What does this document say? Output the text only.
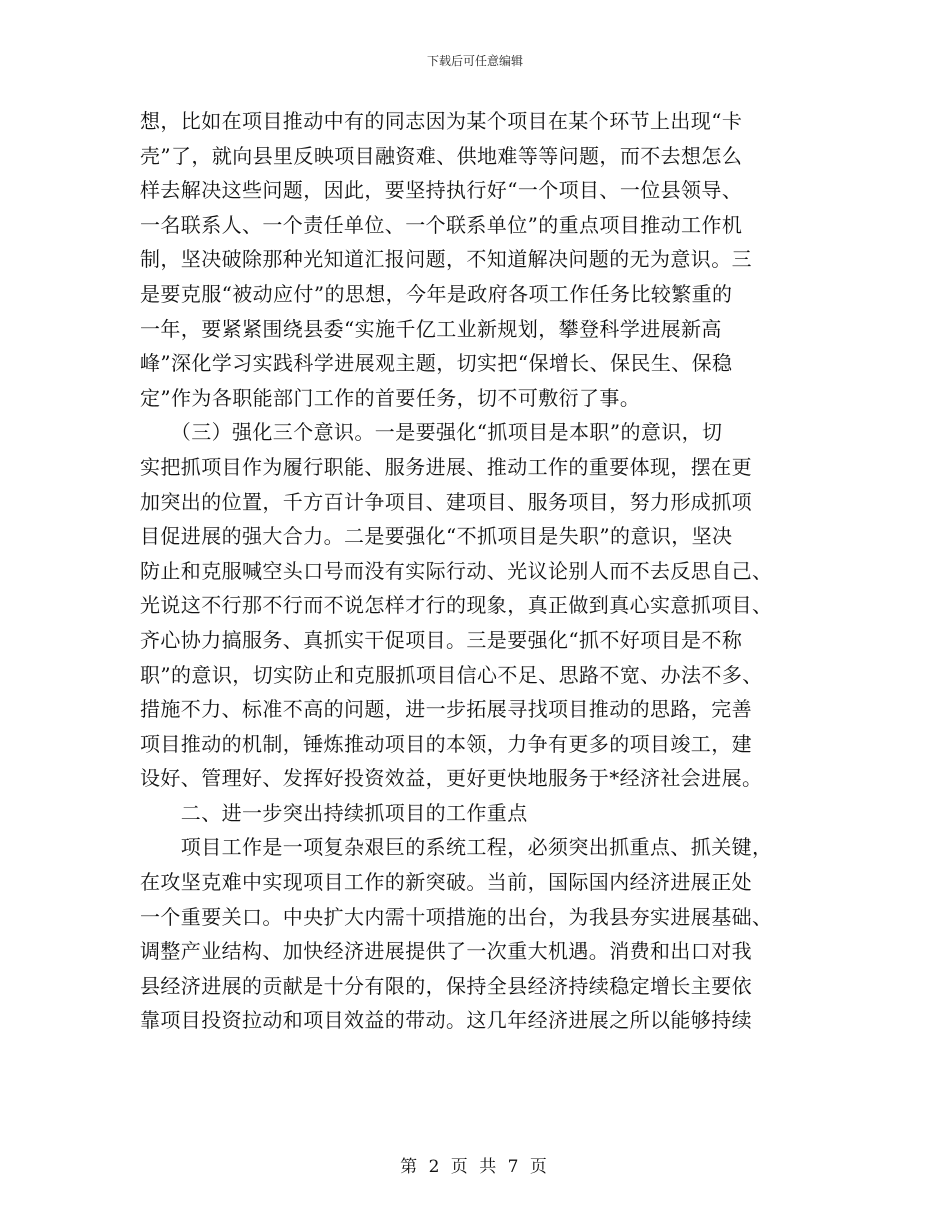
下载后可任意编辑
想，比如在项目推动中有的同志因为某个项目在某个环节上出现“卡
壳”了，就向县里反映项目融资难、供地难等等问题，而不去想怎么
样去解决这些问题，因此，要坚持执行好“一个项目、一位县领导、
一名联系人、一个责任单位、一个联系单位”的重点项目推动工作机
制，坚决破除那种光知道汇报问题，不知道解决问题的无为意识。三
是要克服“被动应付”的思想，今年是政府各项工作任务比较繁重的
一年，要紧紧围绕县委“实施千亿工业新规划，攀登科学进展新高
峰”深化学习实践科学进展观主题，切实把“保增长、保民生、保稳
定”作为各职能部门工作的首要任务，切不可敷衍了事。
　　（三）强化三个意识。一是要强化“抓项目是本职”的意识，切
实把抓项目作为履行职能、服务进展、推动工作的重要体现，摆在更
加突出的位置，千方百计争项目、建项目、服务项目，努力形成抓项
目促进展的强大合力。二是要强化“不抓项目是失职”的意识，坚决
防止和克服喊空头口号而没有实际行动、光议论别人而不去反思自己、
光说这不行那不行而不说怎样才行的现象，真正做到真心实意抓项目、
齐心协力搞服务、真抓实干促项目。三是要强化“抓不好项目是不称
职”的意识，切实防止和克服抓项目信心不足、思路不宽、办法不多、
措施不力、标准不高的问题，进一步拓展寻找项目推动的思路，完善
项目推动的机制，锤炼推动项目的本领，力争有更多的项目竣工，建
设好、管理好、发挥好投资效益，更好更快地服务于*经济社会进展。
　　二、进一步突出持续抓项目的工作重点
　　项目工作是一项复杂艰巨的系统工程，必须突出抓重点、抓关键，
在攻坚克难中实现项目工作的新突破。当前，国际国内经济进展正处
一个重要关口。中央扩大内需十项措施的出台，为我县夯实进展基础、
调整产业结构、加快经济进展提供了一次重大机遇。消费和出口对我
县经济进展的贡献是十分有限的，保持全县经济持续稳定增长主要依
靠项目投资拉动和项目效益的带动。这几年经济进展之所以能够持续
第 2 页 共 7 页
